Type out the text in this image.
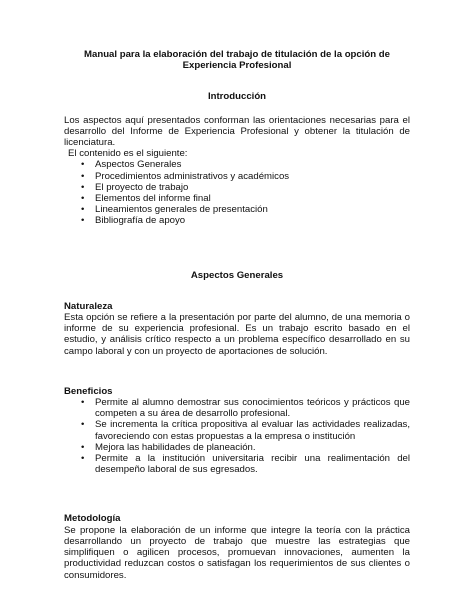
Manual para la elaboración del trabajo de titulación de la opción de

Experiencia Profesional

Introducción

Los aspectos aquí presentados conforman las orientaciones necesarias para el desarrollo del Informe de Experiencia Profesional y obtener la titulación de licenciatura.

El contenido es el siguiente:

• Aspectos Generales
• Procedimientos administrativos y académicos
• El proyecto de trabajo
• Elementos del informe final
• Lineamientos generales de presentación
• Bibliografía de apoyo

Aspectos Generales

Naturaleza

Esta opción se refiere a la presentación por parte del alumno, de una memoria o informe de su experiencia profesional. Es un trabajo escrito basado en el estudio, y análisis crítico respecto a un problema específico desarrollado en su campo laboral y con un proyecto de aportaciones de solución.

Beneficios

• Permite al alumno demostrar sus conocimientos teóricos y prácticos que competen a su área de desarrollo profesional.
• Se incrementa la crítica propositiva al evaluar las actividades realizadas, favoreciendo con estas propuestas a la empresa o institución
• Mejora las habilidades de planeación.
• Permite a la institución universitaria recibir una realimentación del desempeño laboral de sus egresados.

Metodología

Se propone la elaboración de un informe que integre la teoría con la práctica desarrollando un proyecto de trabajo que muestre las estrategias que simplifiquen o agilicen procesos, promuevan innovaciones, aumenten la productividad reduzcan costos o satisfagan los requerimientos de sus clientes o consumidores.
